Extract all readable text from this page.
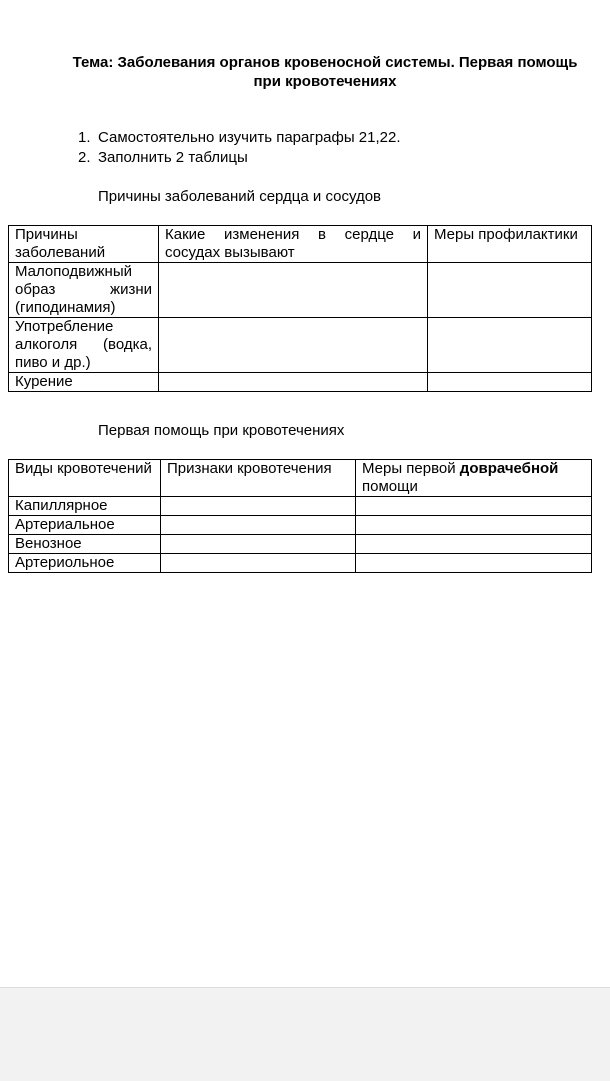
Тема: Заболевания органов кровеносной системы. Первая помощь при кровотечениях
1. Самостоятельно изучить параграфы 21,22.
2. Заполнить 2 таблицы
Причины заболеваний сердца и сосудов
Причины заболеваний	Какие изменения в сердце и сосудах вызывают	Меры профилактики
Малоподвижный образ жизни (гиподинамия)		
Употребление алкоголя (водка, пиво и др.)		
Курение		
Первая помощь при кровотечениях
Виды кровотечений	Признаки кровотечения	Меры первой доврачебной помощи
Капиллярное		
Артериальное		
Венозное		
Артериольное		
